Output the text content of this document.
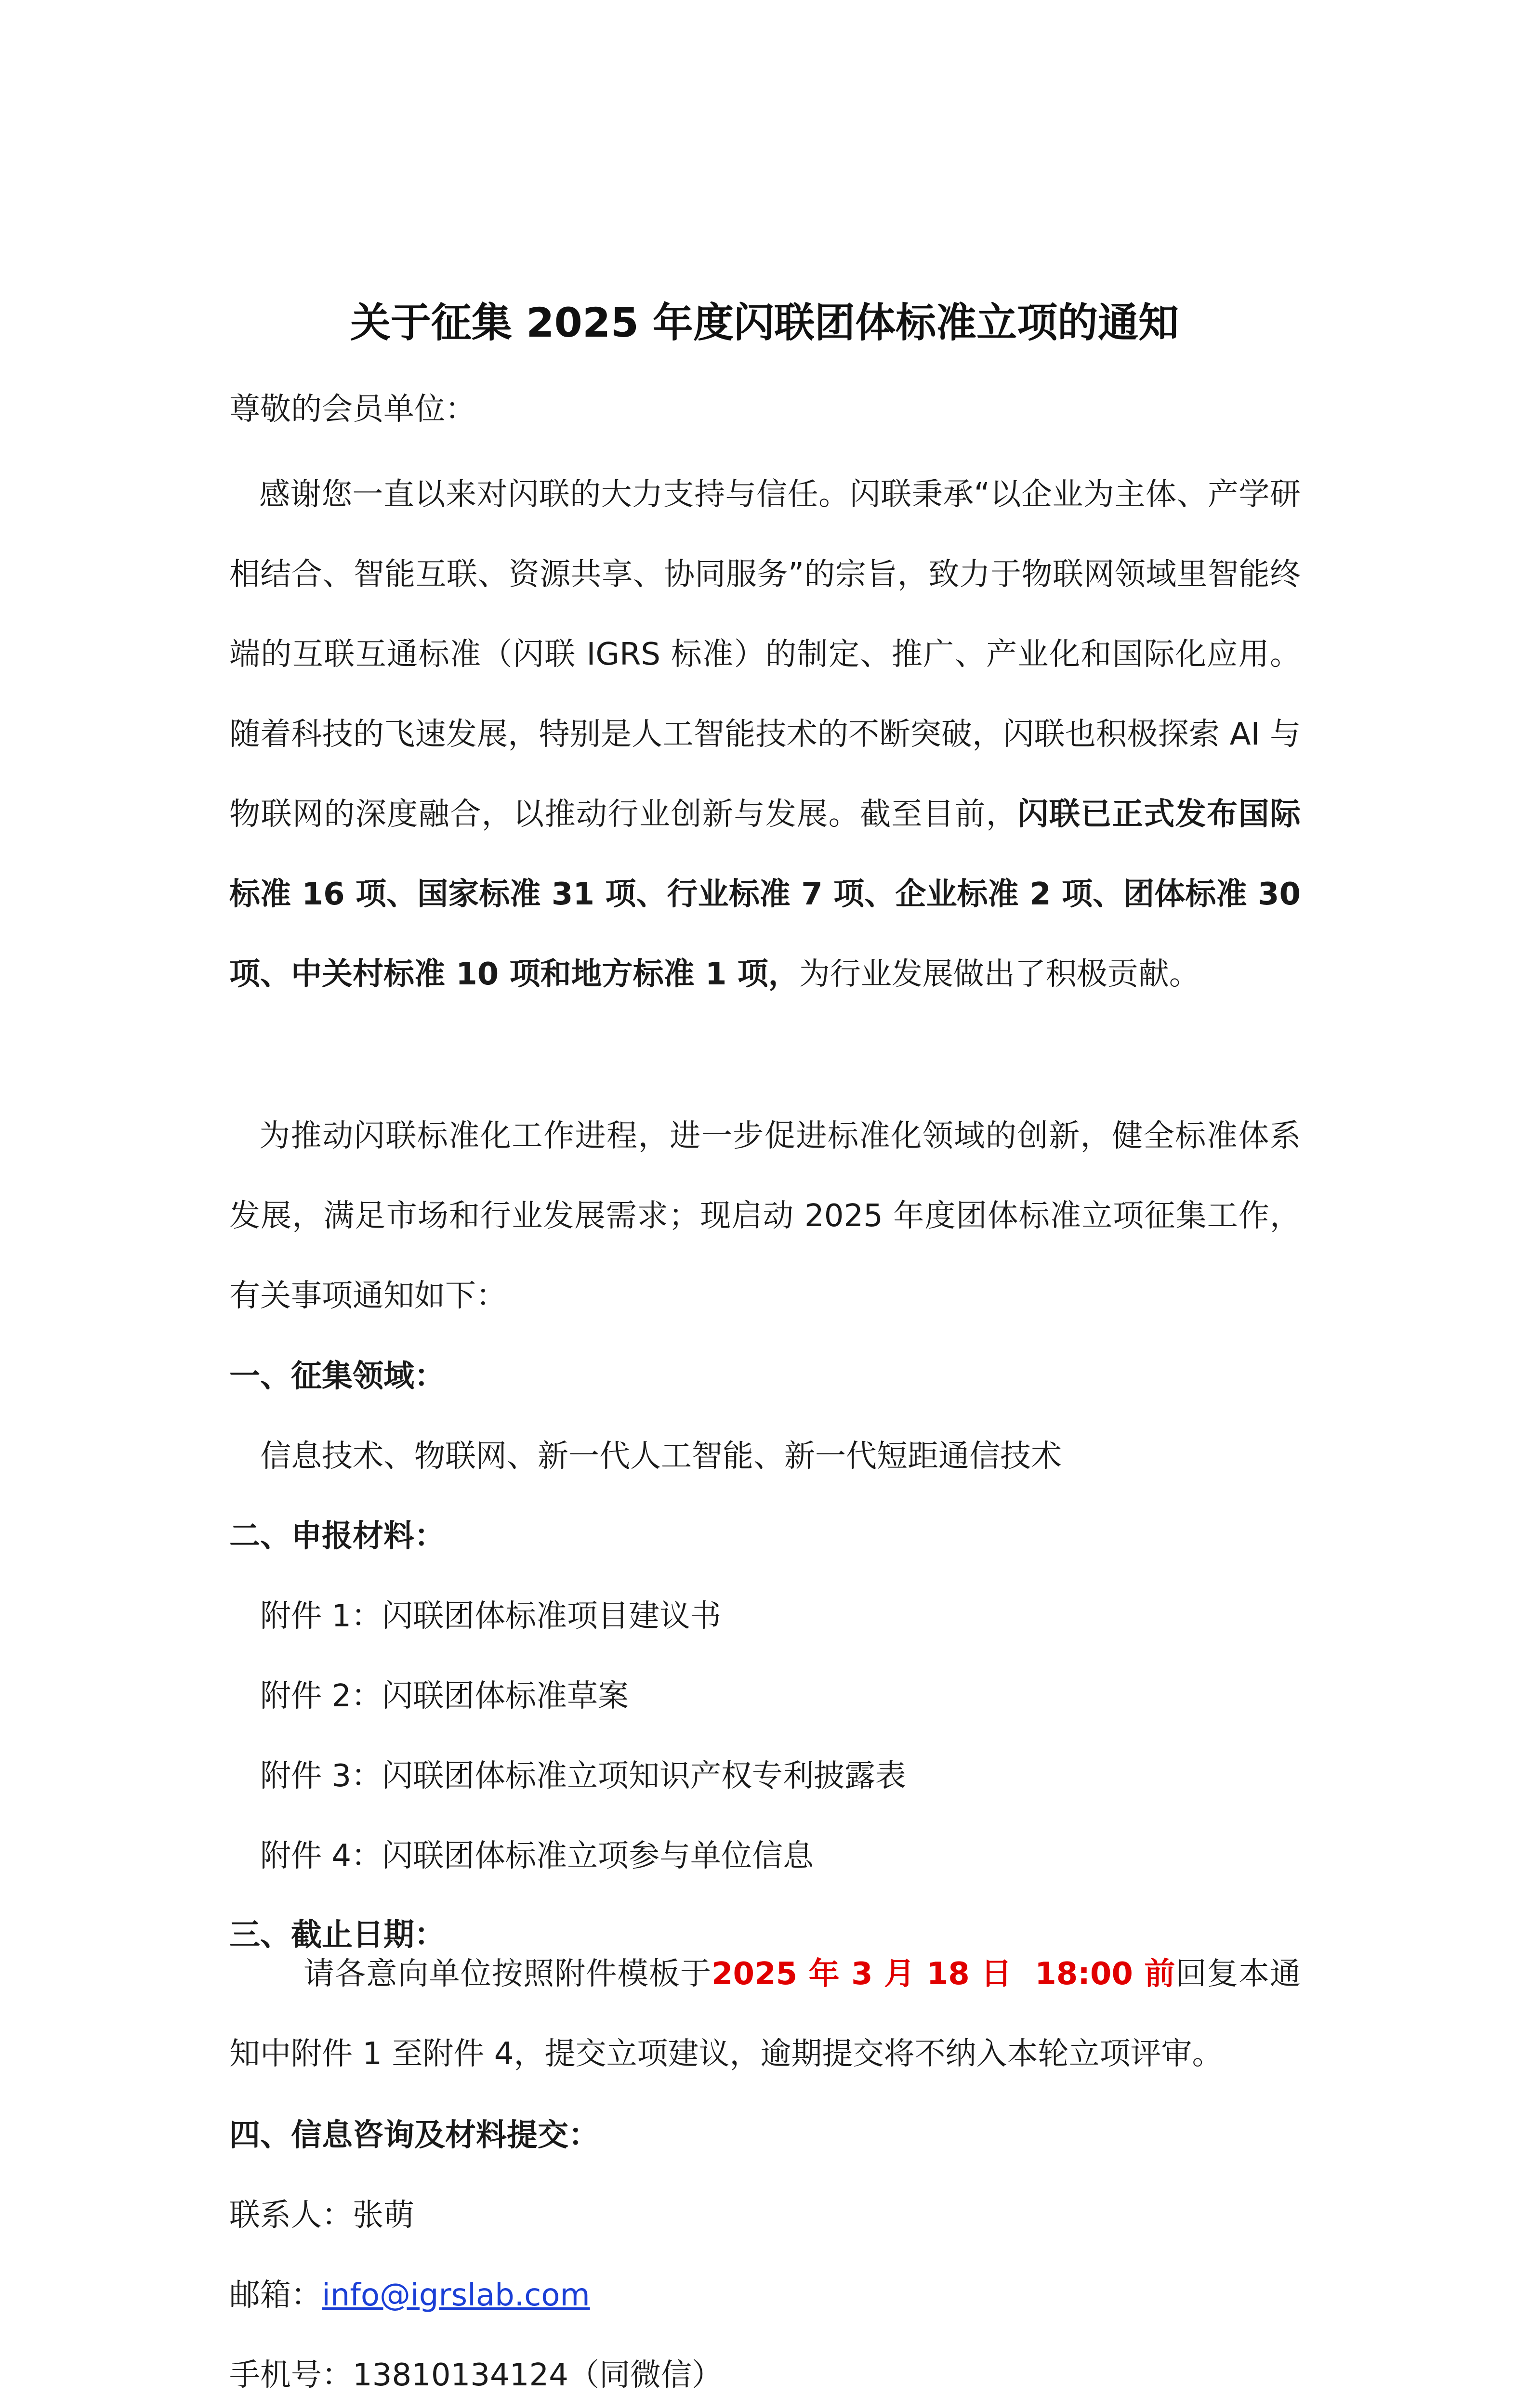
关于征集 2025 年度闪联团体标准立项的通知
尊敬的会员单位：
感谢您一直以来对闪联的大力支持与信任。闪联秉承“以企业为主体、产学研相结合、智能互联、资源共享、协同服务”的宗旨，致力于物联网领域里智能终端的互联互通标准（闪联 IGRS 标准）的制定、推广、产业化和国际化应用。随着科技的飞速发展，特别是人工智能技术的不断突破，闪联也积极探索 AI 与物联网的深度融合，以推动行业创新与发展。截至目前，闪联已正式发布国际标准 16 项、国家标准 31 项、行业标准 7 项、企业标准 2 项、团体标准 30 项、中关村标准 10 项和地方标准 1 项，为行业发展做出了积极贡献。
为推动闪联标准化工作进程，进一步促进标准化领域的创新，健全标准体系发展，满足市场和行业发展需求；现启动 2025 年度团体标准立项征集工作，有关事项通知如下：
一、征集领域：
信息技术、物联网、新一代人工智能、新一代短距通信技术
二、申报材料：
附件 1：闪联团体标准项目建议书
附件 2：闪联团体标准草案
附件 3：闪联团体标准立项知识产权专利披露表
附件 4：闪联团体标准立项参与单位信息
三、截止日期：
请各意向单位按照附件模板于2025 年 3 月 18 日  18:00 前回复本通知中附件 1 至附件 4，提交立项建议，逾期提交将不纳入本轮立项评审。
四、信息咨询及材料提交：
联系人：张萌
邮箱：info@igrslab.com
手机号：13810134124（同微信）
